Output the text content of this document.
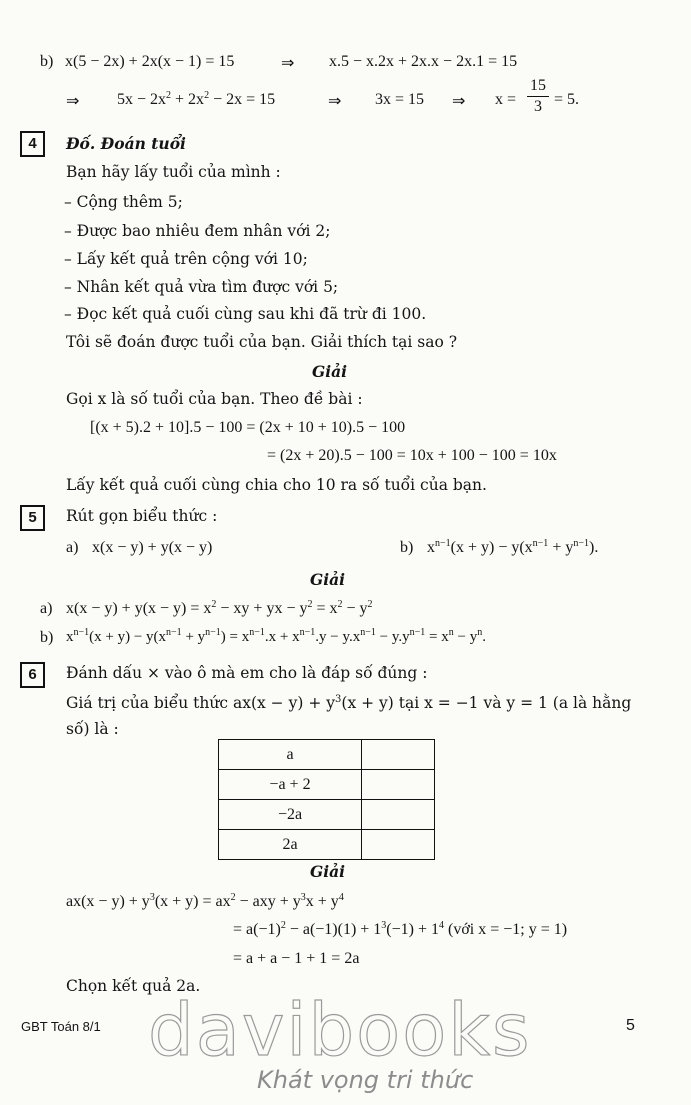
b) x(5 − 2x) + 2x(x − 1) = 15	⇒ x.5 − x.2x + 2x.x − 2x.1 = 15
⇒ $5x - 2x^2 + 2x^2 - 2x = 15$	⇒ 3x = 15 ⇒ x =
15
3 = 5.
4	Đố. Đoán tuổi
Bạn hãy lấy tuổi của mình :
– Cộng thêm 5;
– Được bao nhiêu đem nhân với 2;
– Lấy kết quả trên cộng với 10;
– Nhân kết quả vừa tìm được với 5;
– Đọc kết quả cuối cùng sau khi đã trừ đi 100.
Tôi sẽ đoán được tuổi của bạn. Giải thích tại sao ?
Giải
Gọi x là số tuổi của bạn. Theo đề bài :
[(x + 5).2 + 10].5 − 100 = (2x + 10 + 10).5 − 100
= (2x + 20).5 − 100 = 10x + 100 − 100 = 10x
Lấy kết quả cuối cùng chia cho 10 ra số tuổi của bạn.
5	Rút gọn biểu thức :
a) x(x − y) + y(x − y)	b) $x^{n-1}(x + y) - y(x^{n-1} + y^{n-1})$.
Giải
a) $x(x - y) + y(x - y) = x^2$ − xy + yx − $y^2 = x^2 - y^2$
b) $x^{n-1}(x + y) - y(x^{n-1} + y^{n-1}) = x^{n-1}.x + x^{n-1}.y - y.x^{n-1} - y.y^{n-1} = x^n - y^n$.
6	Đánh dấu × vào ô mà em cho là đáp số đúng :
Giá trị của biểu thức $ax(x - y) + y^3(x + y)$ tại x = −1 và y = 1 (a là hằng
số) là :
a	
−a + 2	
−2a	
2a	
Giải
$ax(x - y) + y^3(x + y) = ax^2$ − axy + $y^3x + y^4$
= $a(-1)^2 - a(-1)(1) + 1^3(-1) + 1^4$ (với x = −1; y = 1)
= a + a − 1 + 1 = 2a
Chọn kết quả 2a.
GBT Toán 8/1	5
davibooks
Khát vọng tri thức
